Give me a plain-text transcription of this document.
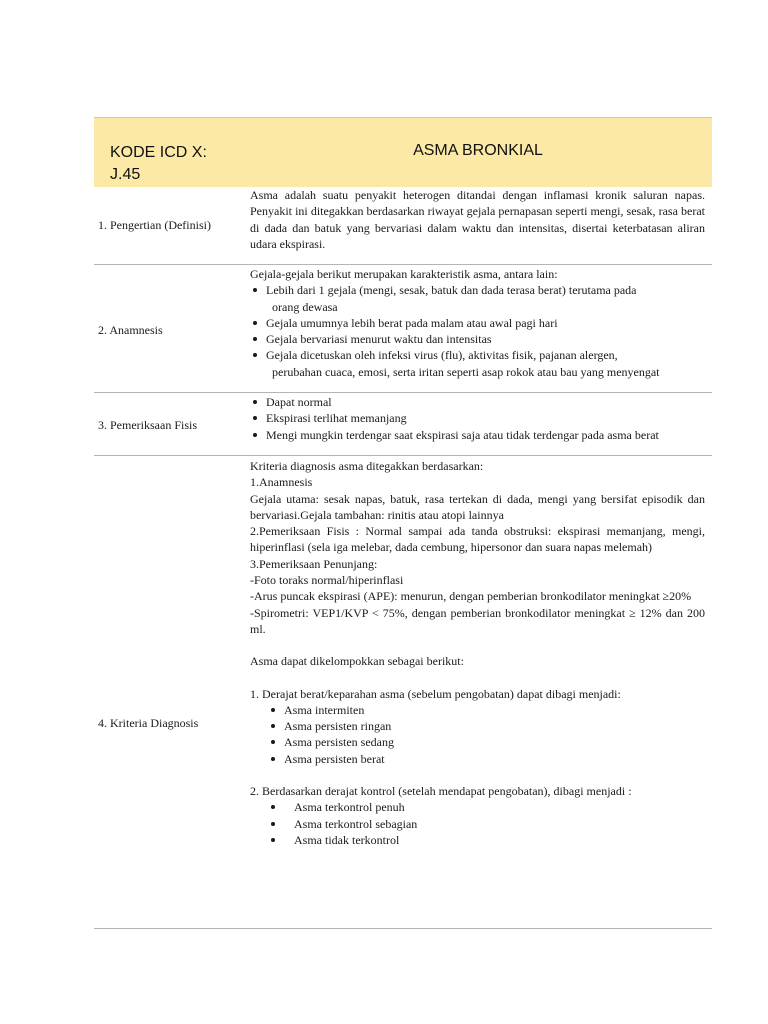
KODE ICD X:
J.45
ASMA BRONKIAL
1. Pengertian (Definisi)
Asma adalah suatu penyakit heterogen ditandai dengan inflamasi kronik saluran napas. Penyakit ini ditegakkan berdasarkan riwayat gejala pernapasan seperti mengi, sesak, rasa berat di dada dan batuk yang bervariasi dalam waktu dan intensitas, disertai keterbatasan aliran udara ekspirasi.
2. Anamnesis
Gejala-gejala berikut merupakan karakteristik asma, antara lain:
Lebih dari 1 gejala (mengi, sesak, batuk dan dada terasa berat) terutama pada
orang dewasa
Gejala umumnya lebih berat pada malam atau awal pagi hari
Gejala bervariasi menurut waktu dan intensitas
Gejala dicetuskan oleh infeksi virus (flu), aktivitas fisik, pajanan alergen,
perubahan cuaca, emosi, serta iritan seperti asap rokok atau bau yang menyengat
3. Pemeriksaan Fisis
Dapat normal
Ekspirasi terlihat memanjang
Mengi mungkin terdengar saat ekspirasi saja atau tidak terdengar pada asma berat
4. Kriteria Diagnosis
Kriteria diagnosis asma ditegakkan berdasarkan:
1.Anamnesis
Gejala utama: sesak napas, batuk, rasa tertekan di dada, mengi yang bersifat episodik dan bervariasi.Gejala tambahan: rinitis atau atopi lainnya
2.Pemeriksaan Fisis : Normal sampai ada tanda obstruksi: ekspirasi memanjang, mengi, hiperinflasi (sela iga melebar, dada cembung, hipersonor dan suara napas melemah)
3.Pemeriksaan Penunjang:
-Foto toraks normal/hiperinflasi
-Arus puncak ekspirasi (APE): menurun, dengan pemberian bronkodilator meningkat ≥20%
-Spirometri: VEP1/KVP < 75%, dengan pemberian bronkodilator meningkat ≥ 12% dan 200 ml.
Asma dapat dikelompokkan sebagai berikut:
1. Derajat berat/keparahan asma (sebelum pengobatan) dapat dibagi menjadi:
Asma intermiten
Asma persisten ringan
Asma persisten sedang
Asma persisten berat
2. Berdasarkan derajat kontrol (setelah mendapat pengobatan), dibagi menjadi :
Asma terkontrol penuh
Asma terkontrol sebagian
Asma tidak terkontrol
